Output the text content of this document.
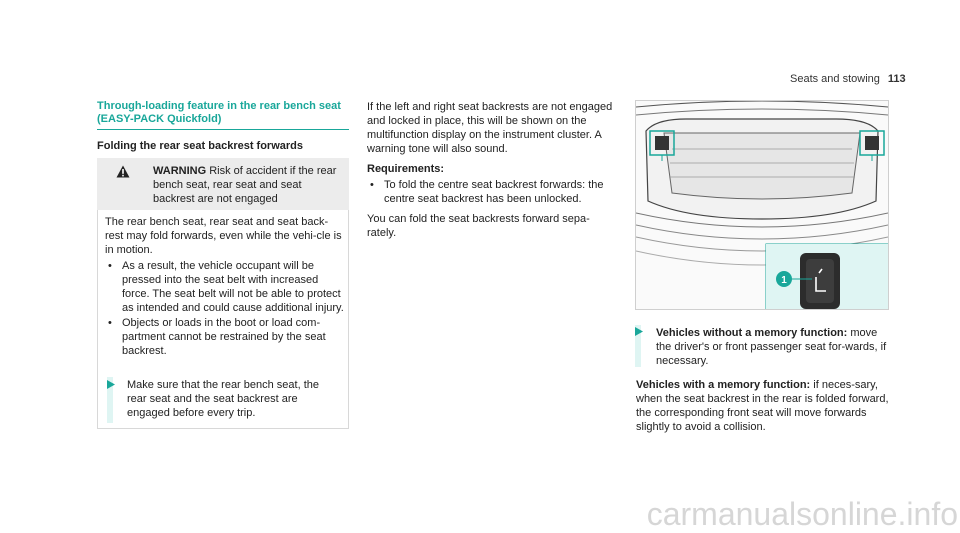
Seats and stowing 113
Through-loading feature in the rear bench seat (EASY-PACK Quickfold)
Folding the rear seat backrest forwards
WARNING Risk of accident if the rear bench seat, rear seat and seat backrest are not engaged

The rear bench seat, rear seat and seat back-rest may fold forwards, even while the vehi-cle is in motion.

• As a result, the vehicle occupant will be pressed into the seat belt with increased force. The seat belt will not be able to protect as intended and could cause additional injury.
• Objects or loads in the boot or load com-partment cannot be restrained by the seat backrest.
Make sure that the rear bench seat, the rear seat and the seat backrest are engaged before every trip.

If the left and right seat backrests are not engaged and locked in place, this will be shown on the multifunction display on the instrument cluster. A warning tone will also sound.

Requirements:

• To fold the centre seat backrest forwards: the centre seat backrest has been unlocked.

You can fold the seat backrests forward sepa-rately.

1
Vehicles without a memory function: move the driver's or front passenger seat for-wards, if necessary.
Vehicles with a memory function: if neces-sary, when the seat backrest in the rear is folded forward, the corresponding front seat will move forwards slightly to avoid a collision.
carmanualsonline.info
